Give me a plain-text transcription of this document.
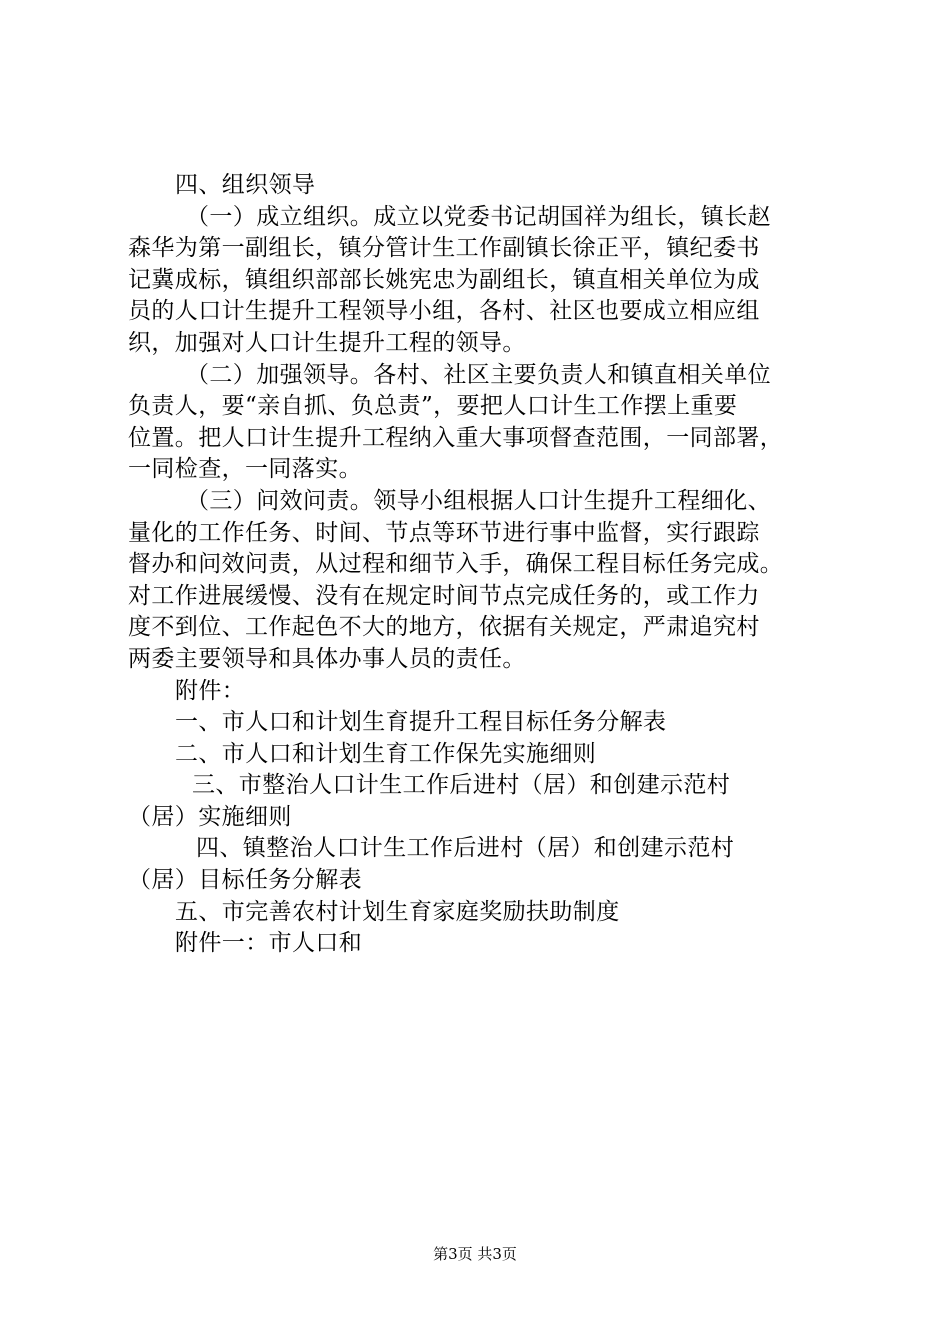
四、组织领导
（一）成立组织。成立以党委书记胡国祥为组长，镇长赵
森华为第一副组长，镇分管计生工作副镇长徐正平，镇纪委书
记冀成标，镇组织部部长姚宪忠为副组长，镇直相关单位为成
员的人口计生提升工程领导小组，各村、社区也要成立相应组
织，加强对人口计生提升工程的领导。
（二）加强领导。各村、社区主要负责人和镇直相关单位
负责人，要“亲自抓、负总责”，要把人口计生工作摆上重要
位置。把人口计生提升工程纳入重大事项督查范围，一同部署，
一同检查，一同落实。
（三）问效问责。领导小组根据人口计生提升工程细化、
量化的工作任务、时间、节点等环节进行事中监督，实行跟踪
督办和问效问责，从过程和细节入手，确保工程目标任务完成。
对工作进展缓慢、没有在规定时间节点完成任务的，或工作力
度不到位、工作起色不大的地方，依据有关规定，严肃追究村
两委主要领导和具体办事人员的责任。
附件：
一、市人口和计划生育提升工程目标任务分解表
二、市人口和计划生育工作保先实施细则
三、市整治人口计生工作后进村（居）和创建示范村
（居）实施细则
四、镇整治人口计生工作后进村（居）和创建示范村
（居）目标任务分解表
五、市完善农村计划生育家庭奖励扶助制度
附件一：市人口和
第3页 共3页
